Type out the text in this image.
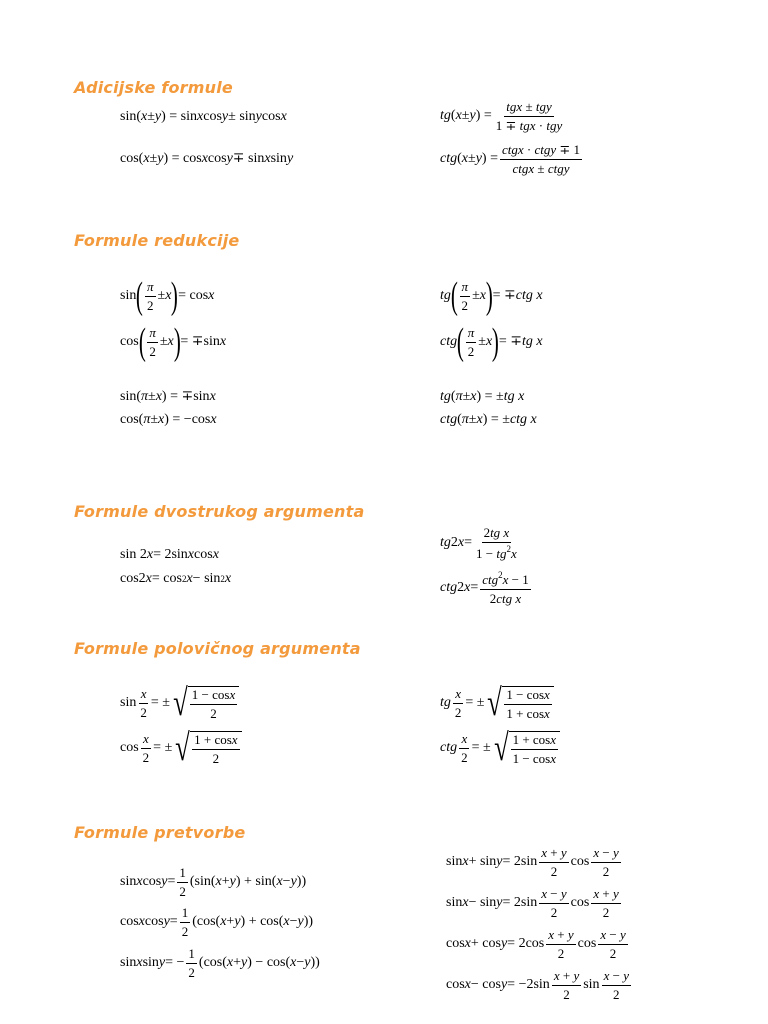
Adicijske formule
sin( x ± y ) = sin x cos y ± sin y cos x	tg ( x ± y ) =
tgx ± tgy
1 ∓ tgx · tgy
cos( x ± y ) = cos x cos y ∓ sin x sin y	ctg ( x ± y ) =
ctgx · ctgy ∓ 1
ctgx ± ctgy
Formule redukcije
sin ( π
2
± x ) = cos x	tg ( π
2
± x ) = ∓ ctg x
cos ( π
2
± x ) = ∓sin x	ctg ( π
2
± x ) = ∓ tg x
sin( π ± x ) = ∓sin x	tg ( π ± x ) = ± tg x
cos( π ± x ) = −cos x	ctg ( π ± x ) = ± ctg x
Formule dvostrukog argumenta
sin 2 x = 2sin x cos x
cos2 x = cos 2 x − sin 2 x
tg 2 x =
2tg x
$1 - tg^2x$
ctg 2 x =
ctg$^2$x − 1
2ctg x
Formule polovičnog argumenta
sin
x
2
= ± √ $\frac{1 - \cos x}{2}$	tg
x
2
= ± √ $\frac{1 - \cos x}{1 + \cos x}$
cos
x
2
= ± √ $\frac{1 + \cos x}{2}$	ctg
x
2
= ± √ $\frac{1 + \cos x}{1 - \cos x}$
Formule pretvorbe
sin x cos y =
1
2
(sin( x + y ) + sin( x − y ))
cos x cos y =
1
2
(cos( x + y ) + cos( x − y ))
sin x sin y = −
1
2
(cos( x + y ) − cos( x − y ))
sin x + sin y = 2sin
x + y
2
cos
x − y
2
sin x − sin y = 2sin
x − y
2
cos
x + y
2
cos x + cos y = 2cos
x + y
2
cos
x − y
2
cos x − cos y = −2sin
x + y
2
sin
x − y
2
